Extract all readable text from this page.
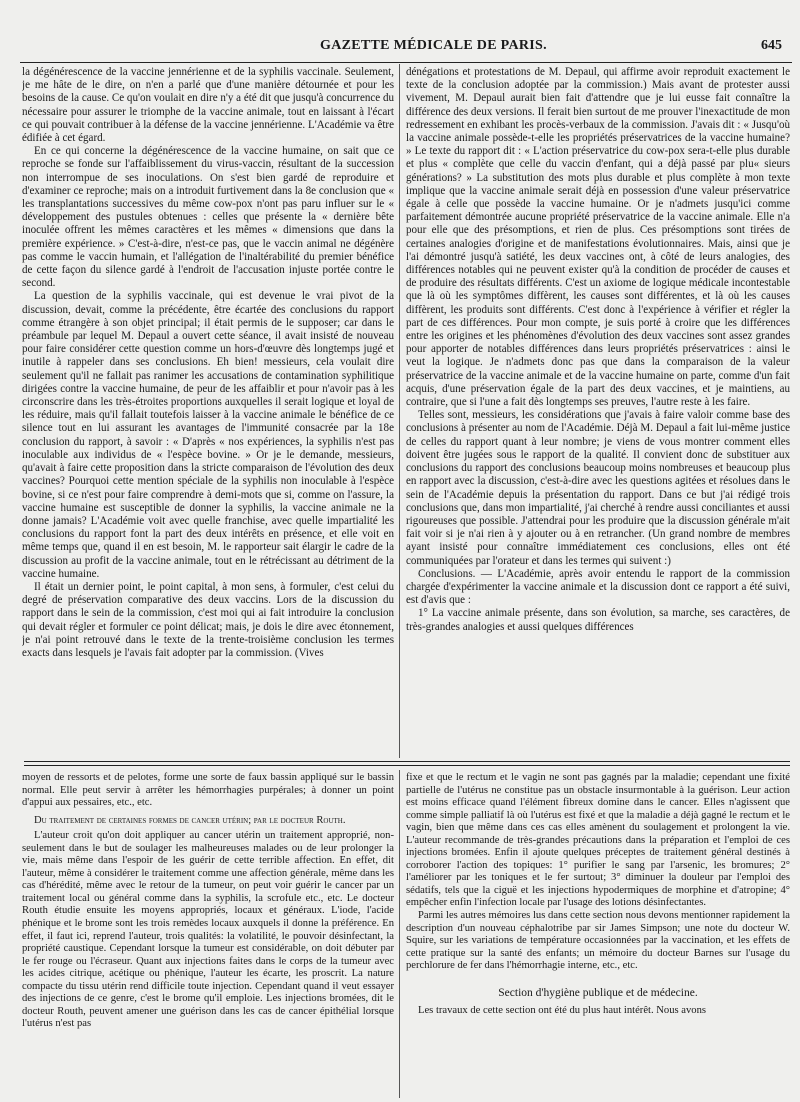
GAZETTE MÉDICALE DE PARIS.	645

la dégénérescence de la vaccine jennérienne et de la syphilis vaccinale. Seulement, je me hâte de le dire, on n'en a parlé que d'une manière détournée et pour les besoins de la cause. Ce qu'on voulait en dire n'y a été dit que jusqu'à concurrence du nécessaire pour assurer le triomphe de la vaccine animale, tout en laissant à l'écart ce qui pouvait contribuer à la défense de la vaccine jennérienne. L'Académie va être édifiée à cet égard.

En ce qui concerne la dégénérescence de la vaccine humaine, on sait que ce reproche se fonde sur l'affaiblissement du virus-vaccin, résultant de la succession non interrompue de ses inoculations. On s'est bien gardé de reproduire et d'examiner ce reproche; mais on a introduit furtivement dans la 8e conclusion que « les transplantations successives du même cow-pox n'ont pas paru influer sur le « développement des pustules obtenues : celles que présente la « dernière bête inoculée offrent les mêmes caractères et les mêmes « dimensions que dans la première expérience. » C'est-à-dire, n'est-ce pas, que le vaccin animal ne dégénère pas comme le vaccin humain, et l'allégation de l'inaltérabilité du premier bénéfice de cette façon du silence gardé à l'endroit de l'accusation injuste portée contre le second.

La question de la syphilis vaccinale, qui est devenue le vrai pivot de la discussion, devait, comme la précédente, être écartée des conclusions du rapport comme étrangère à son objet principal; il était permis de le supposer; car dans le préambule par lequel M. Depaul a ouvert cette séance, il avait insisté de nouveau pour faire considérer cette question comme un hors-d'œuvre dès longtemps jugé et inutile à rappeler dans ses conclusions. Eh bien! messieurs, cela voulait dire seulement qu'il ne fallait pas ranimer les accusations de contamination syphilitique dirigées contre la vaccine humaine, de peur de les affaiblir et pour n'avoir pas à les circonscrire dans les très-étroites proportions auxquelles il serait logique et loyal de les réduire, mais qu'il fallait toutefois laisser à la vaccine animale le bénéfice de ce silence tout en lui assurant les avantages de l'immunité consacrée par la 18e conclusion du rapport, à savoir : « D'après « nos expériences, la syphilis n'est pas inoculable aux individus de « l'espèce bovine. » Or je le demande, messieurs, qu'avait à faire cette proposition dans la stricte comparaison de l'évolution des deux vaccines? Pourquoi cette mention spéciale de la syphilis non inoculable à l'espèce bovine, si ce n'est pour faire comprendre à demi-mots que si, comme on l'assure, la vaccine humaine est susceptible de donner la syphilis, la vaccine animale ne la donne jamais? L'Académie voit avec quelle franchise, avec quelle impartialité les conclusions du rapport font la part des deux intérêts en présence, et elle voit en même temps que, quand il en est besoin, M. le rapporteur sait élargir le cadre de la discussion au profit de la vaccine animale, tout en le rétrécissant au détriment de la vaccine humaine.

Il était un dernier point, le point capital, à mon sens, à formuler, c'est celui du degré de préservation comparative des deux vaccins. Lors de la discussion du rapport dans le sein de la commission, c'est moi qui ai fait introduire la conclusion qui devait régler et formuler ce point délicat; mais, je dois le dire avec étonnement, je n'ai point retrouvé dans le texte de la trente-troisième conclusion les termes exacts dans lesquels je l'avais fait adopter par la commission. (Vives

dénégations et protestations de M. Depaul, qui affirme avoir reproduit exactement le texte de la conclusion adoptée par la commission.) Mais avant de protester aussi vivement, M. Depaul aurait bien fait d'attendre que je lui eusse fait connaître la différence des deux versions. Il ferait bien surtout de me prouver l'inexactitude de mon redressement en exhibant les procès-verbaux de la commission. J'avais dit : « Jusqu'où la vaccine animale possède-t-elle les propriétés préservatrices de la vaccine humaine? » Le texte du rapport dit : « L'action préservatrice du cow-pox sera-t-elle plus durable et plus « complète que celle du vaccin d'enfant, qui a déjà passé par plu« sieurs générations? » La substitution des mots plus durable et plus complète à mon texte implique que la vaccine animale serait déjà en possession d'une valeur préservatrice égale à celle que possède la vaccine humaine. Or je n'admets jusqu'ici comme parfaitement démontrée aucune propriété préservatrice de la vaccine animale. Elle n'a pour elle que des présomptions, et rien de plus. Ces présomptions sont tirées de certaines analogies d'origine et de manifestations évolutionnaires. Mais, ainsi que je l'ai démontré jusqu'à satiété, les deux vaccines ont, à côté de leurs analogies, des différences notables qui ne peuvent exister qu'à la condition de procéder de causes et de produire des résultats différents. C'est un axiome de logique médicale incontestable que là où les symptômes diffèrent, les causes sont différentes, et là où les causes diffèrent, les produits sont différents. C'est donc à l'expérience à vérifier et régler la part de ces différences. Pour mon compte, je suis porté à croire que les différences entre les origines et les phénomènes d'évolution des deux vaccines sont assez grandes pour apporter de notables différences dans leurs propriétés préservatrices : ainsi le veut la logique. Je n'admets donc pas que dans la comparaison de la valeur préservatrice de la vaccine animale et de la vaccine humaine on parte, comme d'un fait acquis, d'une préservation égale de la part des deux vaccines, et je maintiens, au contraire, que si l'une a fait dès longtemps ses preuves, l'autre reste à les faire.

Telles sont, messieurs, les considérations que j'avais à faire valoir comme base des conclusions à présenter au nom de l'Académie. Déjà M. Depaul a fait lui-même justice de celles du rapport quant à leur nombre; je viens de vous montrer comment elles doivent être jugées sous le rapport de la qualité. Il convient donc de substituer aux conclusions du rapport des conclusions beaucoup moins nombreuses et beaucoup plus en rapport avec la discussion, c'est-à-dire avec les questions agitées et résolues dans le sein de l'Académie depuis la présentation du rapport. Dans ce but j'ai rédigé trois conclusions que, dans mon impartialité, j'ai cherché à rendre aussi conciliantes et aussi rigoureuses que possible. J'attendrai pour les produire que la discussion générale m'ait fait voir si je n'ai rien à y ajouter ou à en retrancher. (Un grand nombre de membres ayant insisté pour connaître immédiatement ces conclusions, elles ont été communiquées par l'orateur et dans les termes qui suivent :)

Conclusions. — L'Académie, après avoir entendu le rapport de la commission chargée d'expérimenter la vaccine animale et la discussion dont ce rapport a été suivi, est d'avis que :

1° La vaccine animale présente, dans son évolution, sa marche, ses caractères, de très-grandes analogies et aussi quelques différences

moyen de ressorts et de pelotes, forme une sorte de faux bassin appliqué sur le bassin normal. Elle peut servir à arrêter les hémorrhagies purpérales; à donner un point d'appui aux pessaires, etc., etc.

Du traitement de certaines formes de cancer utérin; par le docteur Routh.

L'auteur croit qu'on doit appliquer au cancer utérin un traitement approprié, non-seulement dans le but de soulager les malheureuses malades ou de leur prolonger la vie, mais même dans l'espoir de les guérir de cette terrible affection. En effet, dit l'auteur, même à considérer le traitement comme une affection générale, même dans les cas d'hérédité, même avec le retour de la tumeur, on peut voir guérir le cancer par un traitement local ou général comme dans la syphilis, la scrofule etc., etc. Le docteur Routh étudie ensuite les moyens appropriés, locaux et généraux. L'iode, l'acide phénique et le brome sont les trois remèdes locaux auxquels il donne la préférence. En effet, il faut ici, reprend l'auteur, trois qualités: la volatilité, le pouvoir désinfectant, la propriété caustique. Cependant lorsque la tumeur est considérable, on doit débuter par le fer rouge ou l'écraseur. Quant aux injections faites dans le corps de la tumeur avec les acides citrique, acétique ou phénique, l'auteur les écarte, les proscrit. La nature compacte du tissu utérin rend difficile toute injection. Cependant quand il veut essayer des injections de ce genre, c'est le brome qu'il emploie. Les injections bromées, dit le docteur Routh, peuvent amener une guérison dans les cas de cancer épithélial lorsque l'utérus n'est pas

fixe et que le rectum et le vagin ne sont pas gagnés par la maladie; cependant une fixité partielle de l'utérus ne constitue pas un obstacle insurmontable à la guérison. Leur action est moins efficace quand l'élément fibreux domine dans le cancer. Elles n'agissent que comme simple palliatif là où l'utérus est fixé et que la maladie a déjà gagné le rectum et le vagin, bien que même dans ces cas elles amènent du soulagement et prolongent la vie. L'auteur recommande de très-grandes précautions dans la préparation et l'emploi de ces injections bromées. Enfin il ajoute quelques préceptes de traitement général destinés à corroborer l'action des topiques: 1° purifier le sang par l'arsenic, les bromures; 2° l'améliorer par les toniques et le fer surtout; 3° diminuer la douleur par l'emploi des sédatifs, tels que la ciguë et les injections hypodermiques de morphine et d'atropine; 4° empêcher enfin l'infection locale par l'usage des lotions désinfectantes.

Parmi les autres mémoires lus dans cette section nous devons mentionner rapidement la description d'un nouveau céphalotribe par sir James Simpson; une note du docteur W. Squire, sur les variations de température occasionnées par la vaccination, et les effets de cette pratique sur la santé des enfants; un mémoire du docteur Barnes sur l'usage du perchlorure de fer dans l'hémorrhagie interne, etc., etc.

Section d'hygiène publique et de médecine.

Les travaux de cette section ont été du plus haut intérêt. Nous avons
